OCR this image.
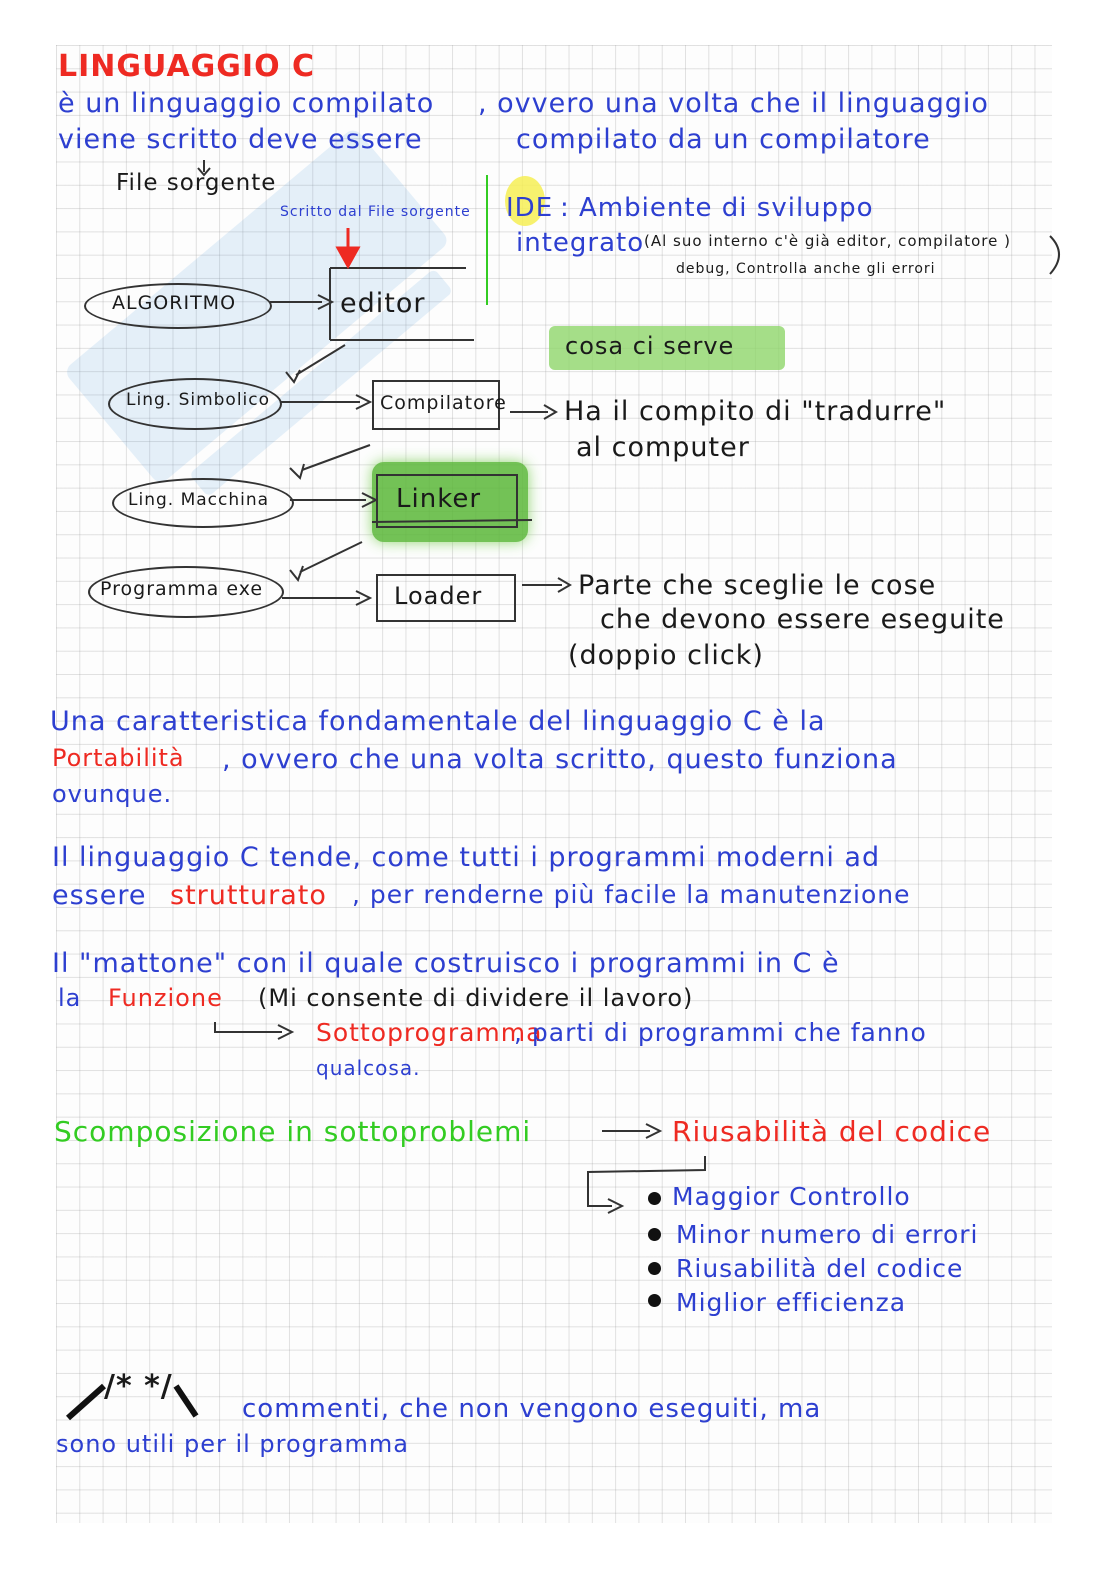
LINGUAGGIO C
è un linguaggio compilato , ovvero una volta che il linguaggio
viene scritto deve essere	compilato da un compilatore
File sorgente
Scritto dal File sorgente IDE : Ambiente di sviluppo
integrato (Al suo interno c'è già editor, compilatore )
debug, Controlla anche gli errori
cosa ci serve
ALGORITMO
Ling. Simbolico
Ling. Macchina
Programma exe
editor
Compilatore
Linker
Loader
Ha il compito di "tradurre"
al computer
Parte che sceglie le cose
che devono essere eseguite
(doppio click)
Una caratteristica fondamentale del linguaggio C è la
Portabilità , ovvero che una volta scritto, questo funziona
ovunque.
Il linguaggio C tende, come tutti i programmi moderni ad
essere strutturato , per renderne più facile la manutenzione
Il "mattone" con il quale costruisco i programmi in C è
la Funzione (Mi consente di dividere il lavoro)
Sottoprogramma
, parti di programmi che fanno
qualcosa.
Scomposizione in sottoproblemi	Riusabilità del codice
Maggior Controllo
Minor numero di errori
Riusabilità del codice
Miglior efficienza
/* */
commenti, che non vengono eseguiti, ma
sono utili per il programma
